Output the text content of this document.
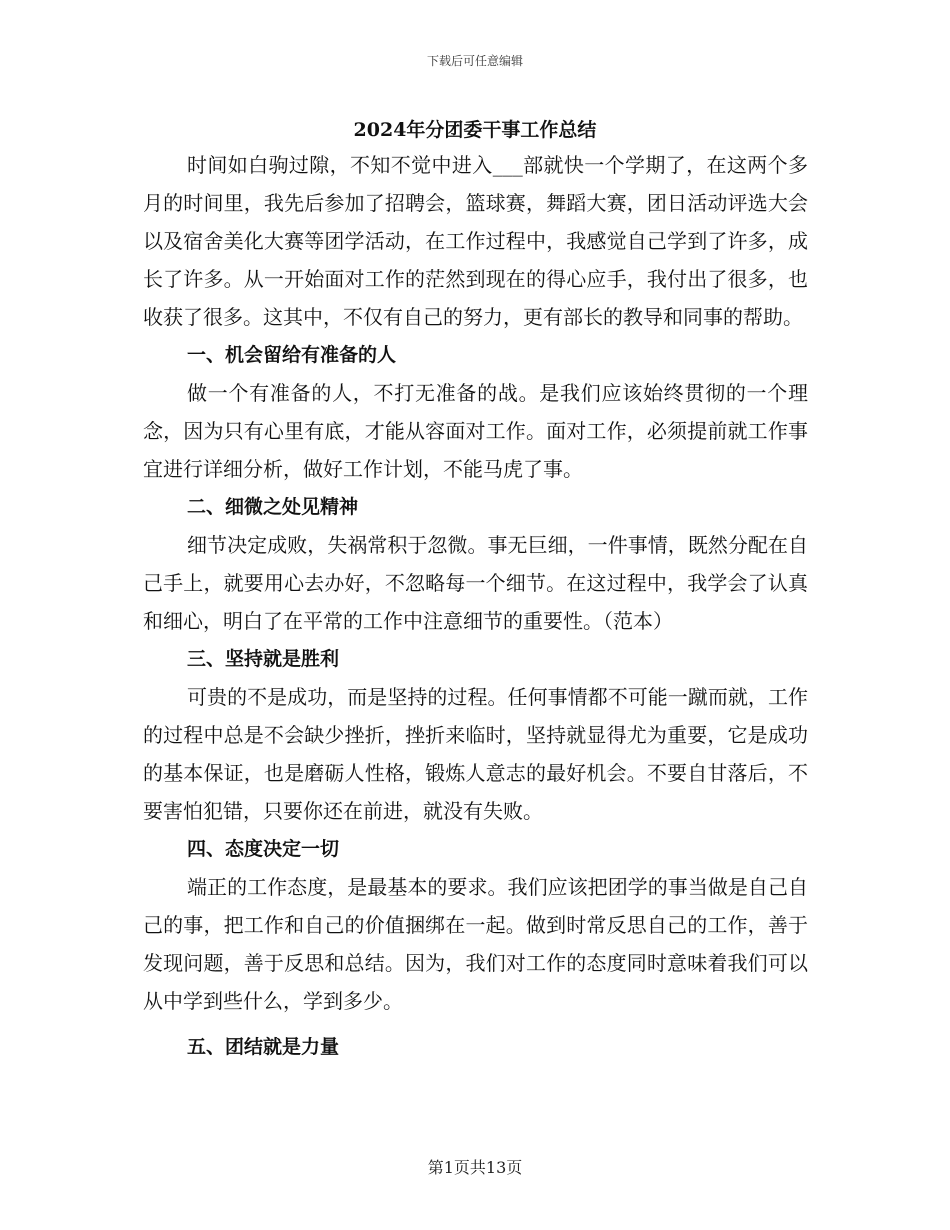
下载后可任意编辑
2024年分团委干事工作总结

时间如白驹过隙，不知不觉中进入___部就快一个学期了，在这两个多月的时间里，我先后参加了招聘会，篮球赛，舞蹈大赛，团日活动评选大会以及宿舍美化大赛等团学活动，在工作过程中，我感觉自己学到了许多，成长了许多。从一开始面对工作的茫然到现在的得心应手，我付出了很多，也收获了很多。这其中，不仅有自己的努力，更有部长的教导和同事的帮助。

一、机会留给有准备的人

做一个有准备的人，不打无准备的战。是我们应该始终贯彻的一个理念，因为只有心里有底，才能从容面对工作。面对工作，必须提前就工作事宜进行详细分析，做好工作计划，不能马虎了事。

二、细微之处见精神

细节决定成败，失祸常积于忽微。事无巨细，一件事情，既然分配在自己手上，就要用心去办好，不忽略每一个细节。在这过程中，我学会了认真和细心，明白了在平常的工作中注意细节的重要性。（范本）

三、坚持就是胜利

可贵的不是成功，而是坚持的过程。任何事情都不可能一蹴而就，工作的过程中总是不会缺少挫折，挫折来临时，坚持就显得尤为重要，它是成功的基本保证，也是磨砺人性格，锻炼人意志的最好机会。不要自甘落后，不要害怕犯错，只要你还在前进，就没有失败。

四、态度决定一切

端正的工作态度，是最基本的要求。我们应该把团学的事当做是自己自己的事，把工作和自己的价值捆绑在一起。做到时常反思自己的工作，善于发现问题，善于反思和总结。因为，我们对工作的态度同时意味着我们可以从中学到些什么，学到多少。

五、团结就是力量

第1页共13页
